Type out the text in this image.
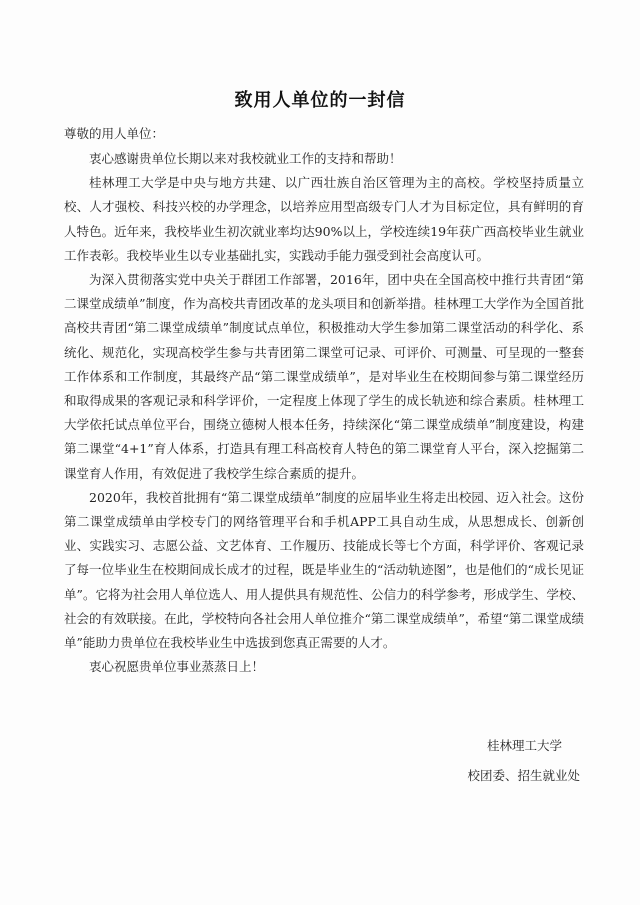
致用人单位的一封信
尊敬的用人单位：

衷心感谢贵单位长期以来对我校就业工作的支持和帮助！

桂林理工大学是中央与地方共建、以广西壮族自治区管理为主的高校。学校坚持质量立校、人才强校、科技兴校的办学理念，以培养应用型高级专门人才为目标定位，具有鲜明的育人特色。近年来，我校毕业生初次就业率均达90%以上，学校连续19年获广西高校毕业生就业工作表彰。我校毕业生以专业基础扎实，实践动手能力强受到社会高度认可。

为深入贯彻落实党中央关于群团工作部署，2016年，团中央在全国高校中推行共青团“第二课堂成绩单”制度，作为高校共青团改革的龙头项目和创新举措。桂林理工大学作为全国首批高校共青团“第二课堂成绩单”制度试点单位，积极推动大学生参加第二课堂活动的科学化、系统化、规范化，实现高校学生参与共青团第二课堂可记录、可评价、可测量、可呈现的一整套工作体系和工作制度，其最终产品“第二课堂成绩单”，是对毕业生在校期间参与第二课堂经历和取得成果的客观记录和科学评价，一定程度上体现了学生的成长轨迹和综合素质。桂林理工大学依托试点单位平台，围绕立德树人根本任务，持续深化“第二课堂成绩单”制度建设，构建第二课堂“4+1”育人体系，打造具有理工科高校育人特色的第二课堂育人平台，深入挖掘第二课堂育人作用，有效促进了我校学生综合素质的提升。

2020年，我校首批拥有“第二课堂成绩单”制度的应届毕业生将走出校园、迈入社会。这份第二课堂成绩单由学校专门的网络管理平台和手机APP工具自动生成，从思想成长、创新创业、实践实习、志愿公益、文艺体育、工作履历、技能成长等七个方面，科学评价、客观记录了每一位毕业生在校期间成长成才的过程，既是毕业生的“活动轨迹图”，也是他们的“成长见证单”。它将为社会用人单位选人、用人提供具有规范性、公信力的科学参考，形成学生、学校、社会的有效联接。在此，学校特向各社会用人单位推介“第二课堂成绩单”，希望“第二课堂成绩单”能助力贵单位在我校毕业生中选拔到您真正需要的人才。

衷心祝愿贵单位事业蒸蒸日上！

桂林理工大学
校团委、招生就业处
